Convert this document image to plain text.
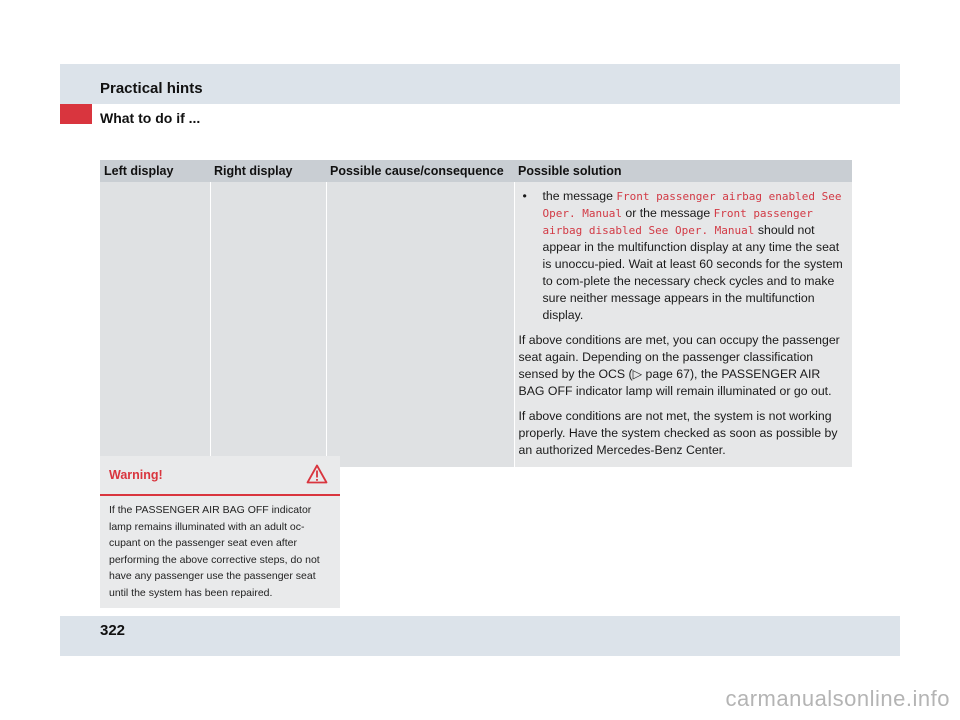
Practical hints
What to do if ...
Left display	Right display	Possible cause/consequence	Possible solution

			• the message Front passenger airbag enabled See Oper. Manual or the message Front passenger airbag disabled See Oper. Manual should not appear in the multifunction display at any time the seat is unoccu-pied. Wait at least 60 seconds for the system to com-plete the necessary check cycles and to make sure neither message appears in the multifunction display.
If above conditions are met, you can occupy the passenger seat again. Depending on the passenger classification sensed by the OCS (▷ page 67), the PASSENGER AIR BAG OFF indicator lamp will remain illuminated or go out.
If above conditions are not met, the system is not working properly. Have the system checked as soon as possible by an authorized Mercedes-Benz Center.
Warning!
If the PASSENGER AIR BAG OFF indicator lamp remains illuminated with an adult oc-cupant on the passenger seat even after performing the above corrective steps, do not have any passenger use the passenger seat until the system has been repaired.
322
carmanualsonline.info
